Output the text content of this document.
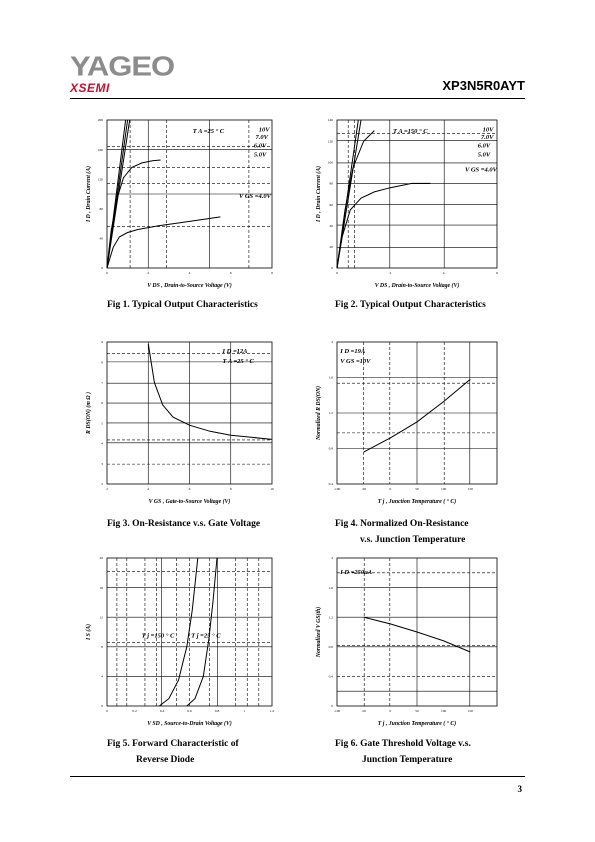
YAGEO
XSEMI	XP3N5R0AYT
0	2	4	6	8
0
40
80
120
160
200
V DS , Drain-to-Source Voltage (V)
I D , Drain Current (A)
T A =25 ° C	10V
7.0V
6.0V
5.0V
V GS =4.0V
0	2	4	6
0
20
40
60
80
100
120
140
V DS , Drain-to-Source Voltage (V)
I D , Drain Current (A)
T A =150 ° C	10V
7.0V
6.0V
5.0V
V GS =4.0V
2	4	6	8	10
2
3
4
5
6
7
8
9
V GS , Gate-to-Source Voltage (V)
R DS(ON) (m Ω )
I D =12A
T A =25 ° C
-100	-50	0	50	100	150
0.4
0.8
1.2
1.6
2
T j , Junction Temperature ( ° C)
Normalized R DS(ON)
I D =19A
V GS =10V
0	0.2	0.4	0.6	0.8	1	1.2
0
4
8
12
16
20
V SD , Source-to-Drain Voltage (V)
I S (A)	T j =150 ° C	T j =25 ° C
-100	-50	0	50	100	150
0
0.4
0.8
1.2
1.6
2
T j , Junction Temperature ( ° C)
Normalized V GS(th)
I D =250uA
Fig 1. Typical Output Characteristics	Fig 2. Typical Output Characteristics
Fig 3. On-Resistance v.s. Gate Voltage	Fig 4. Normalized On-Resistance
v.s. Junction Temperature
Fig 5. Forward Characteristic of
Reverse Diode
Fig 6. Gate Threshold Voltage v.s.
Junction Temperature
3
